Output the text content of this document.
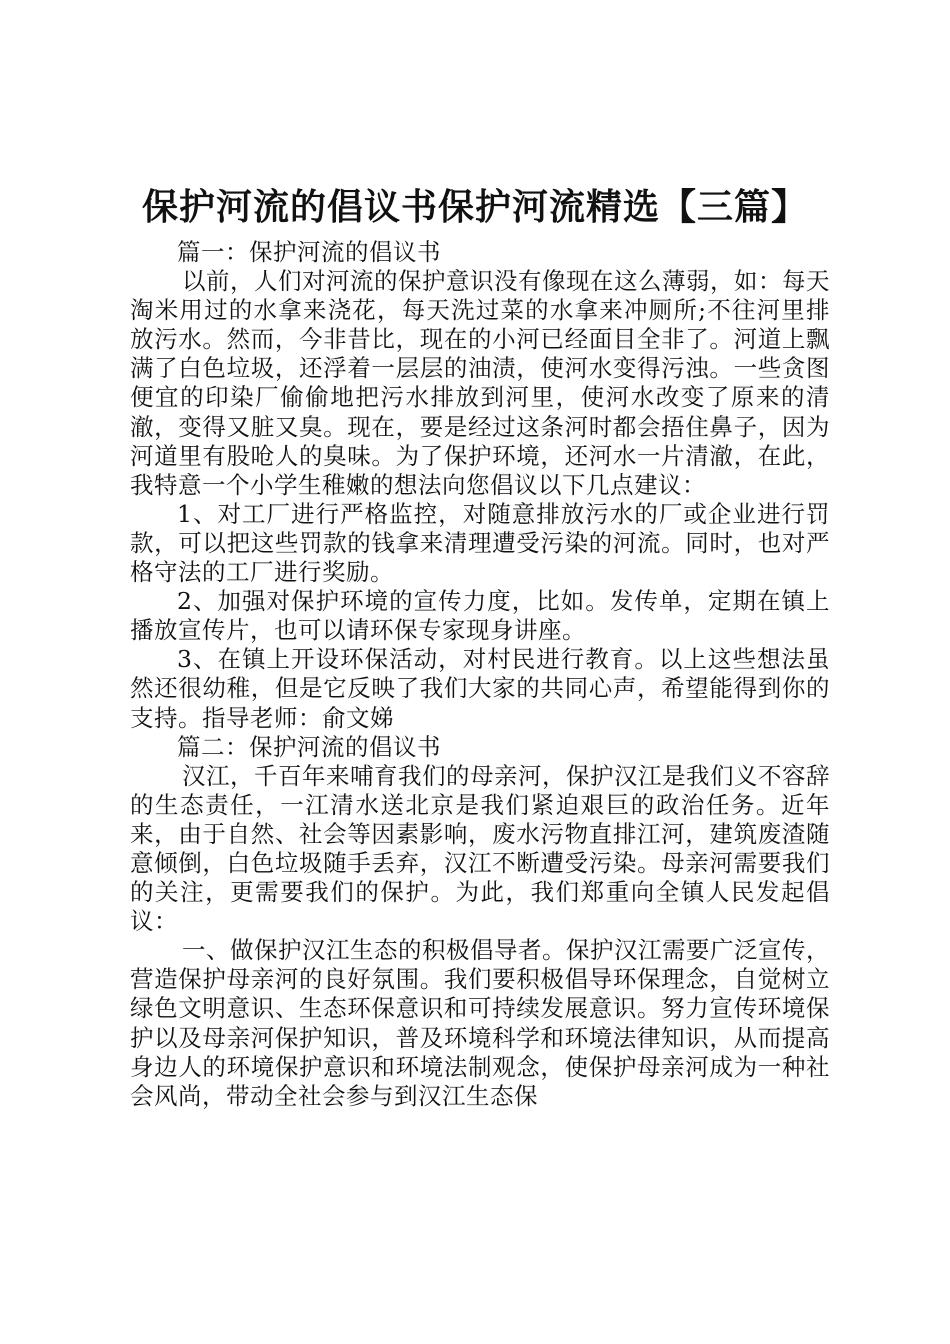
保护河流的倡议书保护河流精选【三篇】

篇一：保护河流的倡议书

以前，人们对河流的保护意识没有像现在这么薄弱，如：每天淘米用过的水拿来浇花，每天洗过菜的水拿来冲厕所;不往河里排放污水。然而，今非昔比，现在的小河已经面目全非了。河道上飘满了白色垃圾，还浮着一层层的油渍，使河水变得污浊。一些贪图便宜的印染厂偷偷地把污水排放到河里，使河水改变了原来的清澈，变得又脏又臭。现在，要是经过这条河时都会捂住鼻子，因为河道里有股呛人的臭味。为了保护环境，还河水一片清澈，在此，我特意一个小学生稚嫩的想法向您倡议以下几点建议：

1、对工厂进行严格监控，对随意排放污水的厂或企业进行罚款，可以把这些罚款的钱拿来清理遭受污染的河流。同时，也对严格守法的工厂进行奖励。

2、加强对保护环境的宣传力度，比如。发传单，定期在镇上播放宣传片，也可以请环保专家现身讲座。

3、在镇上开设环保活动，对村民进行教育。以上这些想法虽然还很幼稚，但是它反映了我们大家的共同心声，希望能得到你的支持。指导老师：俞文娣

篇二：保护河流的倡议书

汉江，千百年来哺育我们的母亲河，保护汉江是我们义不容辞的生态责任，一江清水送北京是我们紧迫艰巨的政治任务。近年来，由于自然、社会等因素影响，废水污物直排江河，建筑废渣随意倾倒，白色垃圾随手丢弃，汉江不断遭受污染。母亲河需要我们的关注，更需要我们的保护。为此，我们郑重向全镇人民发起倡议：

一、做保护汉江生态的积极倡导者。保护汉江需要广泛宣传，营造保护母亲河的良好氛围。我们要积极倡导环保理念，自觉树立绿色文明意识、生态环保意识和可持续发展意识。努力宣传环境保护以及母亲河保护知识，普及环境科学和环境法律知识，从而提高身边人的环境保护意识和环境法制观念，使保护母亲河成为一种社会风尚，带动全社会参与到汉江生态保
